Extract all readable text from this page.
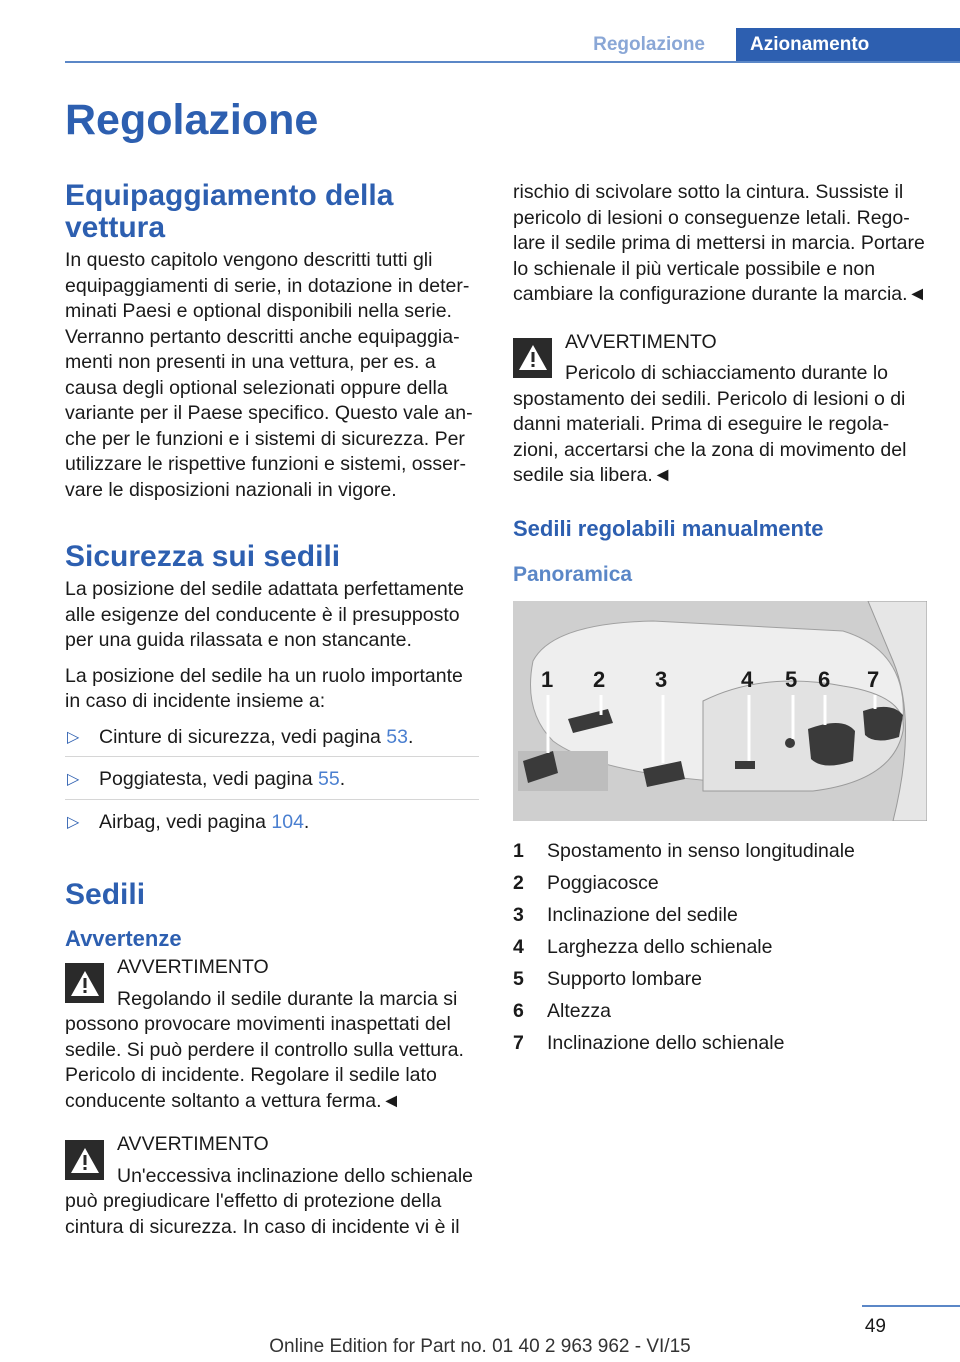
Regolazione	Azionamento
Regolazione
Equipaggiamento della vettura

In questo capitolo vengono descritti tutti gli equipaggiamenti di serie, in dotazione in determinati Paesi e optional disponibili nella serie. Verranno pertanto descritti anche equipaggiamenti non presenti in una vettura, per es. a causa degli optional selezionati oppure della variante per il Paese specifico. Questo vale anche per le funzioni e i sistemi di sicurezza. Per utilizzare le rispettive funzioni e sistemi, osservare le disposizioni nazionali in vigore.

Sicurezza sui sedili

La posizione del sedile adattata perfettamente alle esigenze del conducente è il presupposto per una guida rilassata e non stancante.

La posizione del sedile ha un ruolo importante in caso di incidente insieme a:

▷ Cinture di sicurezza, vedi pagina 53.
▷ Poggiatesta, vedi pagina 55.
▷ Airbag, vedi pagina 104.
Sedili
Avvertenze
AVVERTIMENTO
Regolando il sedile durante la marcia si
possono provocare movimenti inaspettati del sedile. Si può perdere il controllo sulla vettura. Pericolo di incidente. Regolare il sedile lato conducente soltanto a vettura ferma.◄
AVVERTIMENTO
Un'eccessiva inclinazione dello schienale
può pregiudicare l'effetto di protezione della cintura di sicurezza. In caso di incidente vi è il

rischio di scivolare sotto la cintura. Sussiste il pericolo di lesioni o conseguenze letali. Regolare il sedile prima di mettersi in marcia. Portare lo schienale il più verticale possibile e non cambiare la configurazione durante la marcia.◄

AVVERTIMENTO
Pericolo di schiacciamento durante lo
spostamento dei sedili. Pericolo di lesioni o di danni materiali. Prima di eseguire le regolazioni, accertarsi che la zona di movimento del sedile sia libera.◄
Sedili regolabili manualmente
Panoramica
1 2 3	4 5 6 7
1	Spostamento in senso longitudinale
2	Poggiacosce
3	Inclinazione del sedile
4	Larghezza dello schienale
5	Supporto lombare
6	Altezza
7	Inclinazione dello schienale
49
Online Edition for Part no. 01 40 2 963 962 - VI/15
